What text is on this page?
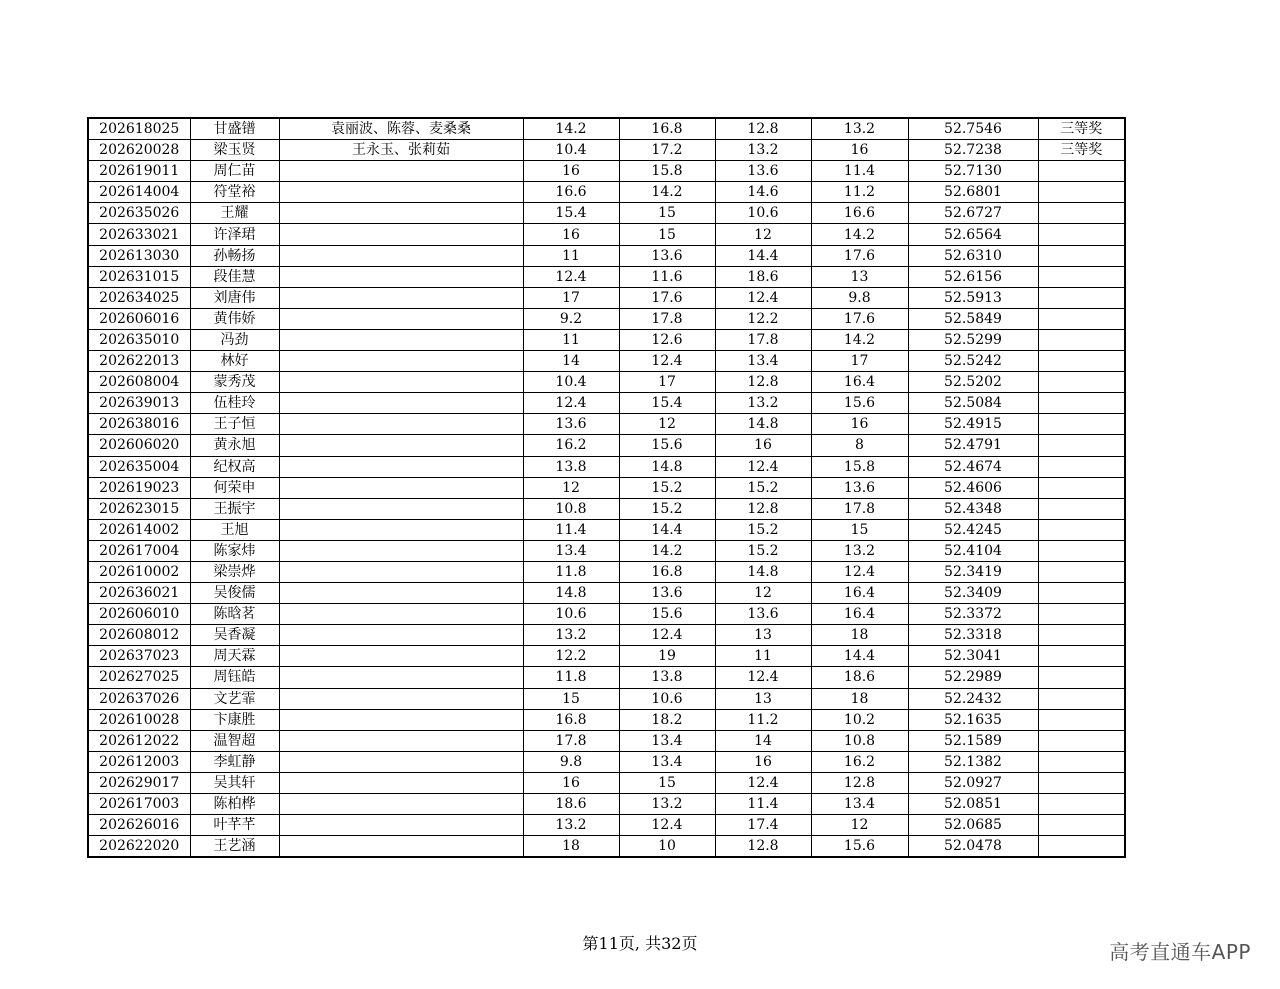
202618025	甘盛镨	袁丽波、陈蓉、麦桑桑	14.2	16.8	12.8	13.2	52.7546	三等奖
202620028	梁玉贤	王永玉、张莉茹	10.4	17.2	13.2	16	52.7238	三等奖
202619011	周仁苗		16	15.8	13.6	11.4	52.7130	
202614004	符堂裕		16.6	14.2	14.6	11.2	52.6801	
202635026	王耀		15.4	15	10.6	16.6	52.6727	
202633021	许泽珺		16	15	12	14.2	52.6564	
202613030	孙畅扬		11	13.6	14.4	17.6	52.6310	
202631015	段佳慧		12.4	11.6	18.6	13	52.6156	
202634025	刘唐伟		17	17.6	12.4	9.8	52.5913	
202606016	黄伟娇		9.2	17.8	12.2	17.6	52.5849	
202635010	冯劲		11	12.6	17.8	14.2	52.5299	
202622013	林好		14	12.4	13.4	17	52.5242	
202608004	蒙秀茂		10.4	17	12.8	16.4	52.5202	
202639013	伍桂玲		12.4	15.4	13.2	15.6	52.5084	
202638016	王子恒		13.6	12	14.8	16	52.4915	
202606020	黄永旭		16.2	15.6	16	8	52.4791	
202635004	纪权高		13.8	14.8	12.4	15.8	52.4674	
202619023	何荣申		12	15.2	15.2	13.6	52.4606	
202623015	王振宇		10.8	15.2	12.8	17.8	52.4348	
202614002	王旭		11.4	14.4	15.2	15	52.4245	
202617004	陈家炜		13.4	14.2	15.2	13.2	52.4104	
202610002	梁崇烨		11.8	16.8	14.8	12.4	52.3419	
202636021	吴俊儒		14.8	13.6	12	16.4	52.3409	
202606010	陈晗茗		10.6	15.6	13.6	16.4	52.3372	
202608012	吴香凝		13.2	12.4	13	18	52.3318	
202637023	周天霖		12.2	19	11	14.4	52.3041	
202627025	周钰皓		11.8	13.8	12.4	18.6	52.2989	
202637026	文艺霏		15	10.6	13	18	52.2432	
202610028	卞康胜		16.8	18.2	11.2	10.2	52.1635	
202612022	温智超		17.8	13.4	14	10.8	52.1589	
202612003	李虹静		9.8	13.4	16	16.2	52.1382	
202629017	吴其轩		16	15	12.4	12.8	52.0927	
202617003	陈柏桦		18.6	13.2	11.4	13.4	52.0851	
202626016	叶芊芊		13.2	12.4	17.4	12	52.0685	
202622020	王艺涵		18	10	12.8	15.6	52.0478	
第11页, 共32页	高考直通车APP
